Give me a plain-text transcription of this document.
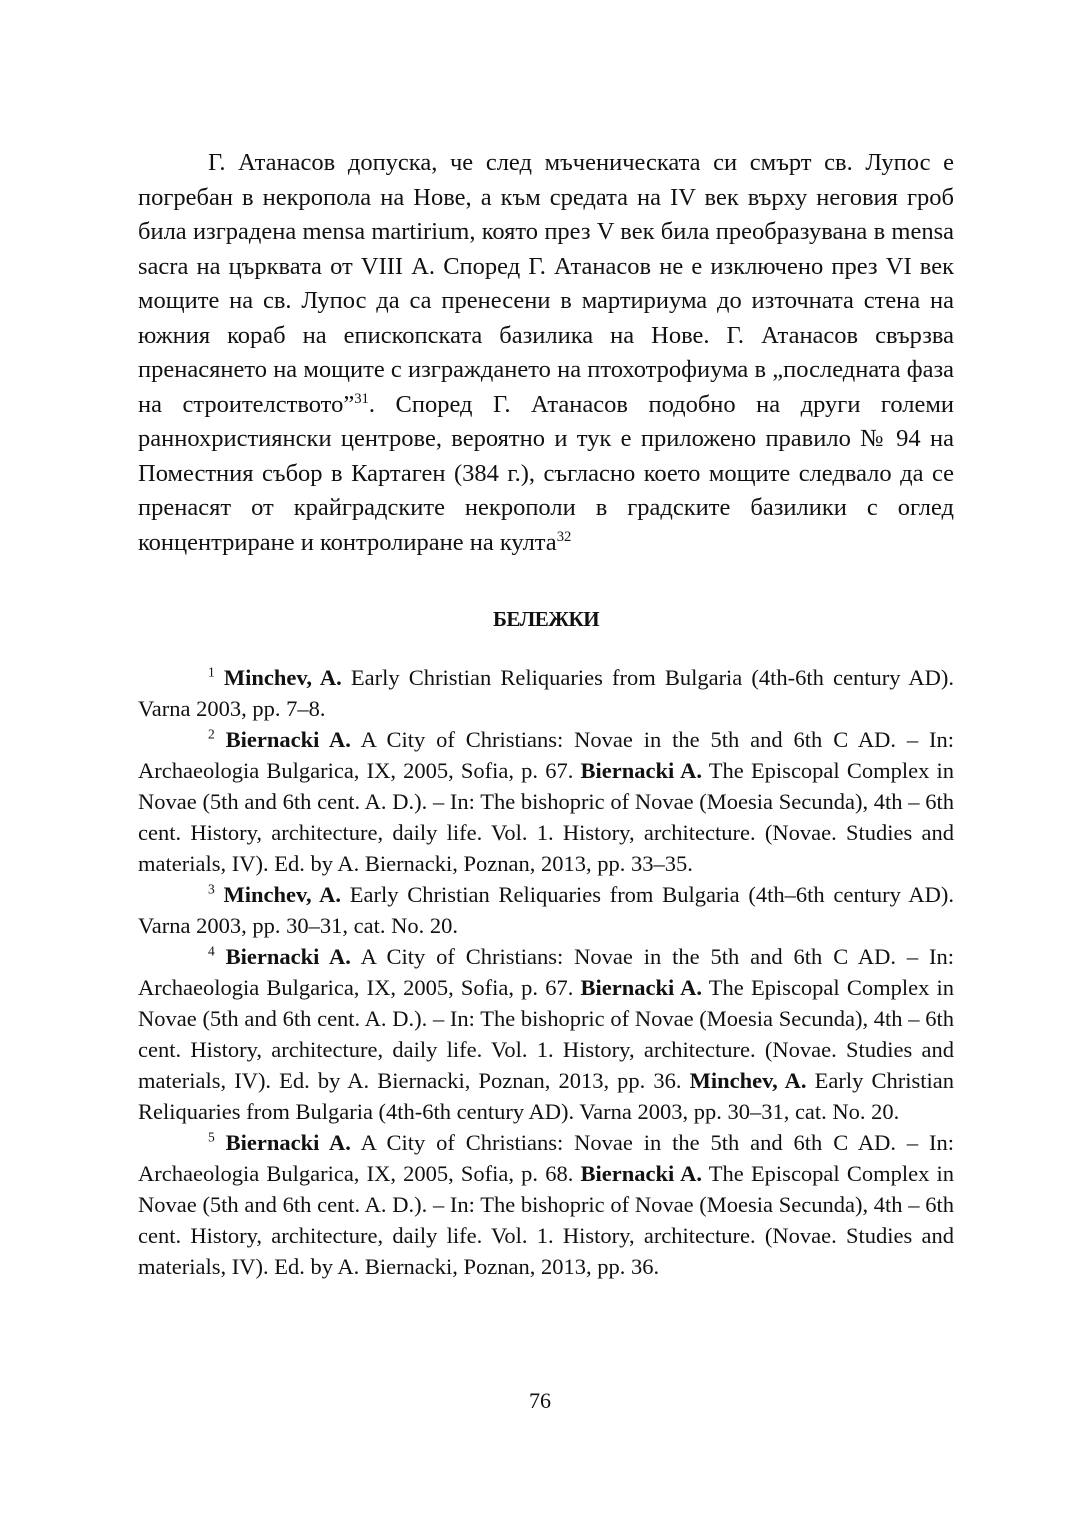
Г. Атанасов допуска, че след мъченическата си смърт св. Лупос е погребан в некропола на Нове, а към средата на IV век върху неговия гроб била изградена mensa martirium, която през V век била преобразувана в mensa sacra на църквата от VIII А. Според Г. Атанасов не е изключено през VI век мощите на св. Лупос да са пренесени в мартириума до източната стена на южния кораб на епископската базилика на Нове. Г. Атанасов свързва пренасянето на мощите с изграждането на птохотрофиума в „последната фаза на строителството”$^{31}$. Според Г. Атанасов подобно на други големи раннохристиянски центрове, вероятно и тук е приложено правило № 94 на Поместния събор в Картаген (384 г.), съгласно което мощите следвало да се пренасят от крайградските некрополи в градските базилики с оглед концентриране и контролиране на култа$^{32}$

БЕЛЕЖКИ

$^1$ Minchev, A. Early Christian Reliquaries from Bulgaria (4th-6th century AD). Varna 2003, pp. 7–8.

$^2$ Biernacki A. A City of Christians: Novae in the 5th and 6th C AD. – In: Archaeologia Bulgarica, IX, 2005, Sofia, p. 67. Biernacki A. The Episcopal Complex in Novae (5th and 6th cent. A. D.). – In: The bishopric of Novae (Moesia Secunda), 4th – 6th cent. History, architecture, daily life. Vol. 1. History, architecture. (Novae. Studies and materials, IV). Ed. by A. Biernacki, Poznan, 2013, pp. 33–35.

$^3$ Minchev, A. Early Christian Reliquaries from Bulgaria (4th–6th century AD). Varna 2003, pp. 30–31, cat. No. 20.

$^4$ Biernacki A. A City of Christians: Novae in the 5th and 6th C AD. – In: Archaeologia Bulgarica, IX, 2005, Sofia, p. 67. Biernacki A. The Episcopal Complex in Novae (5th and 6th cent. A. D.). – In: The bishopric of Novae (Moesia Secunda), 4th – 6th cent. History, architecture, daily life. Vol. 1. History, architecture. (Novae. Studies and materials, IV). Ed. by A. Biernacki, Poznan, 2013, pp. 36. Minchev, A. Early Christian Reliquaries from Bulgaria (4th-6th century AD). Varna 2003, pp. 30–31, cat. No. 20.

$^5$ Biernacki A. A City of Christians: Novae in the 5th and 6th C AD. – In: Archaeologia Bulgarica, IX, 2005, Sofia, p. 68. Biernacki A. The Episcopal Complex in Novae (5th and 6th cent. A. D.). – In: The bishopric of Novae (Moesia Secunda), 4th – 6th cent. History, architecture, daily life. Vol. 1. History, architecture. (Novae. Studies and materials, IV). Ed. by A. Biernacki, Poznan, 2013, pp. 36.

76
